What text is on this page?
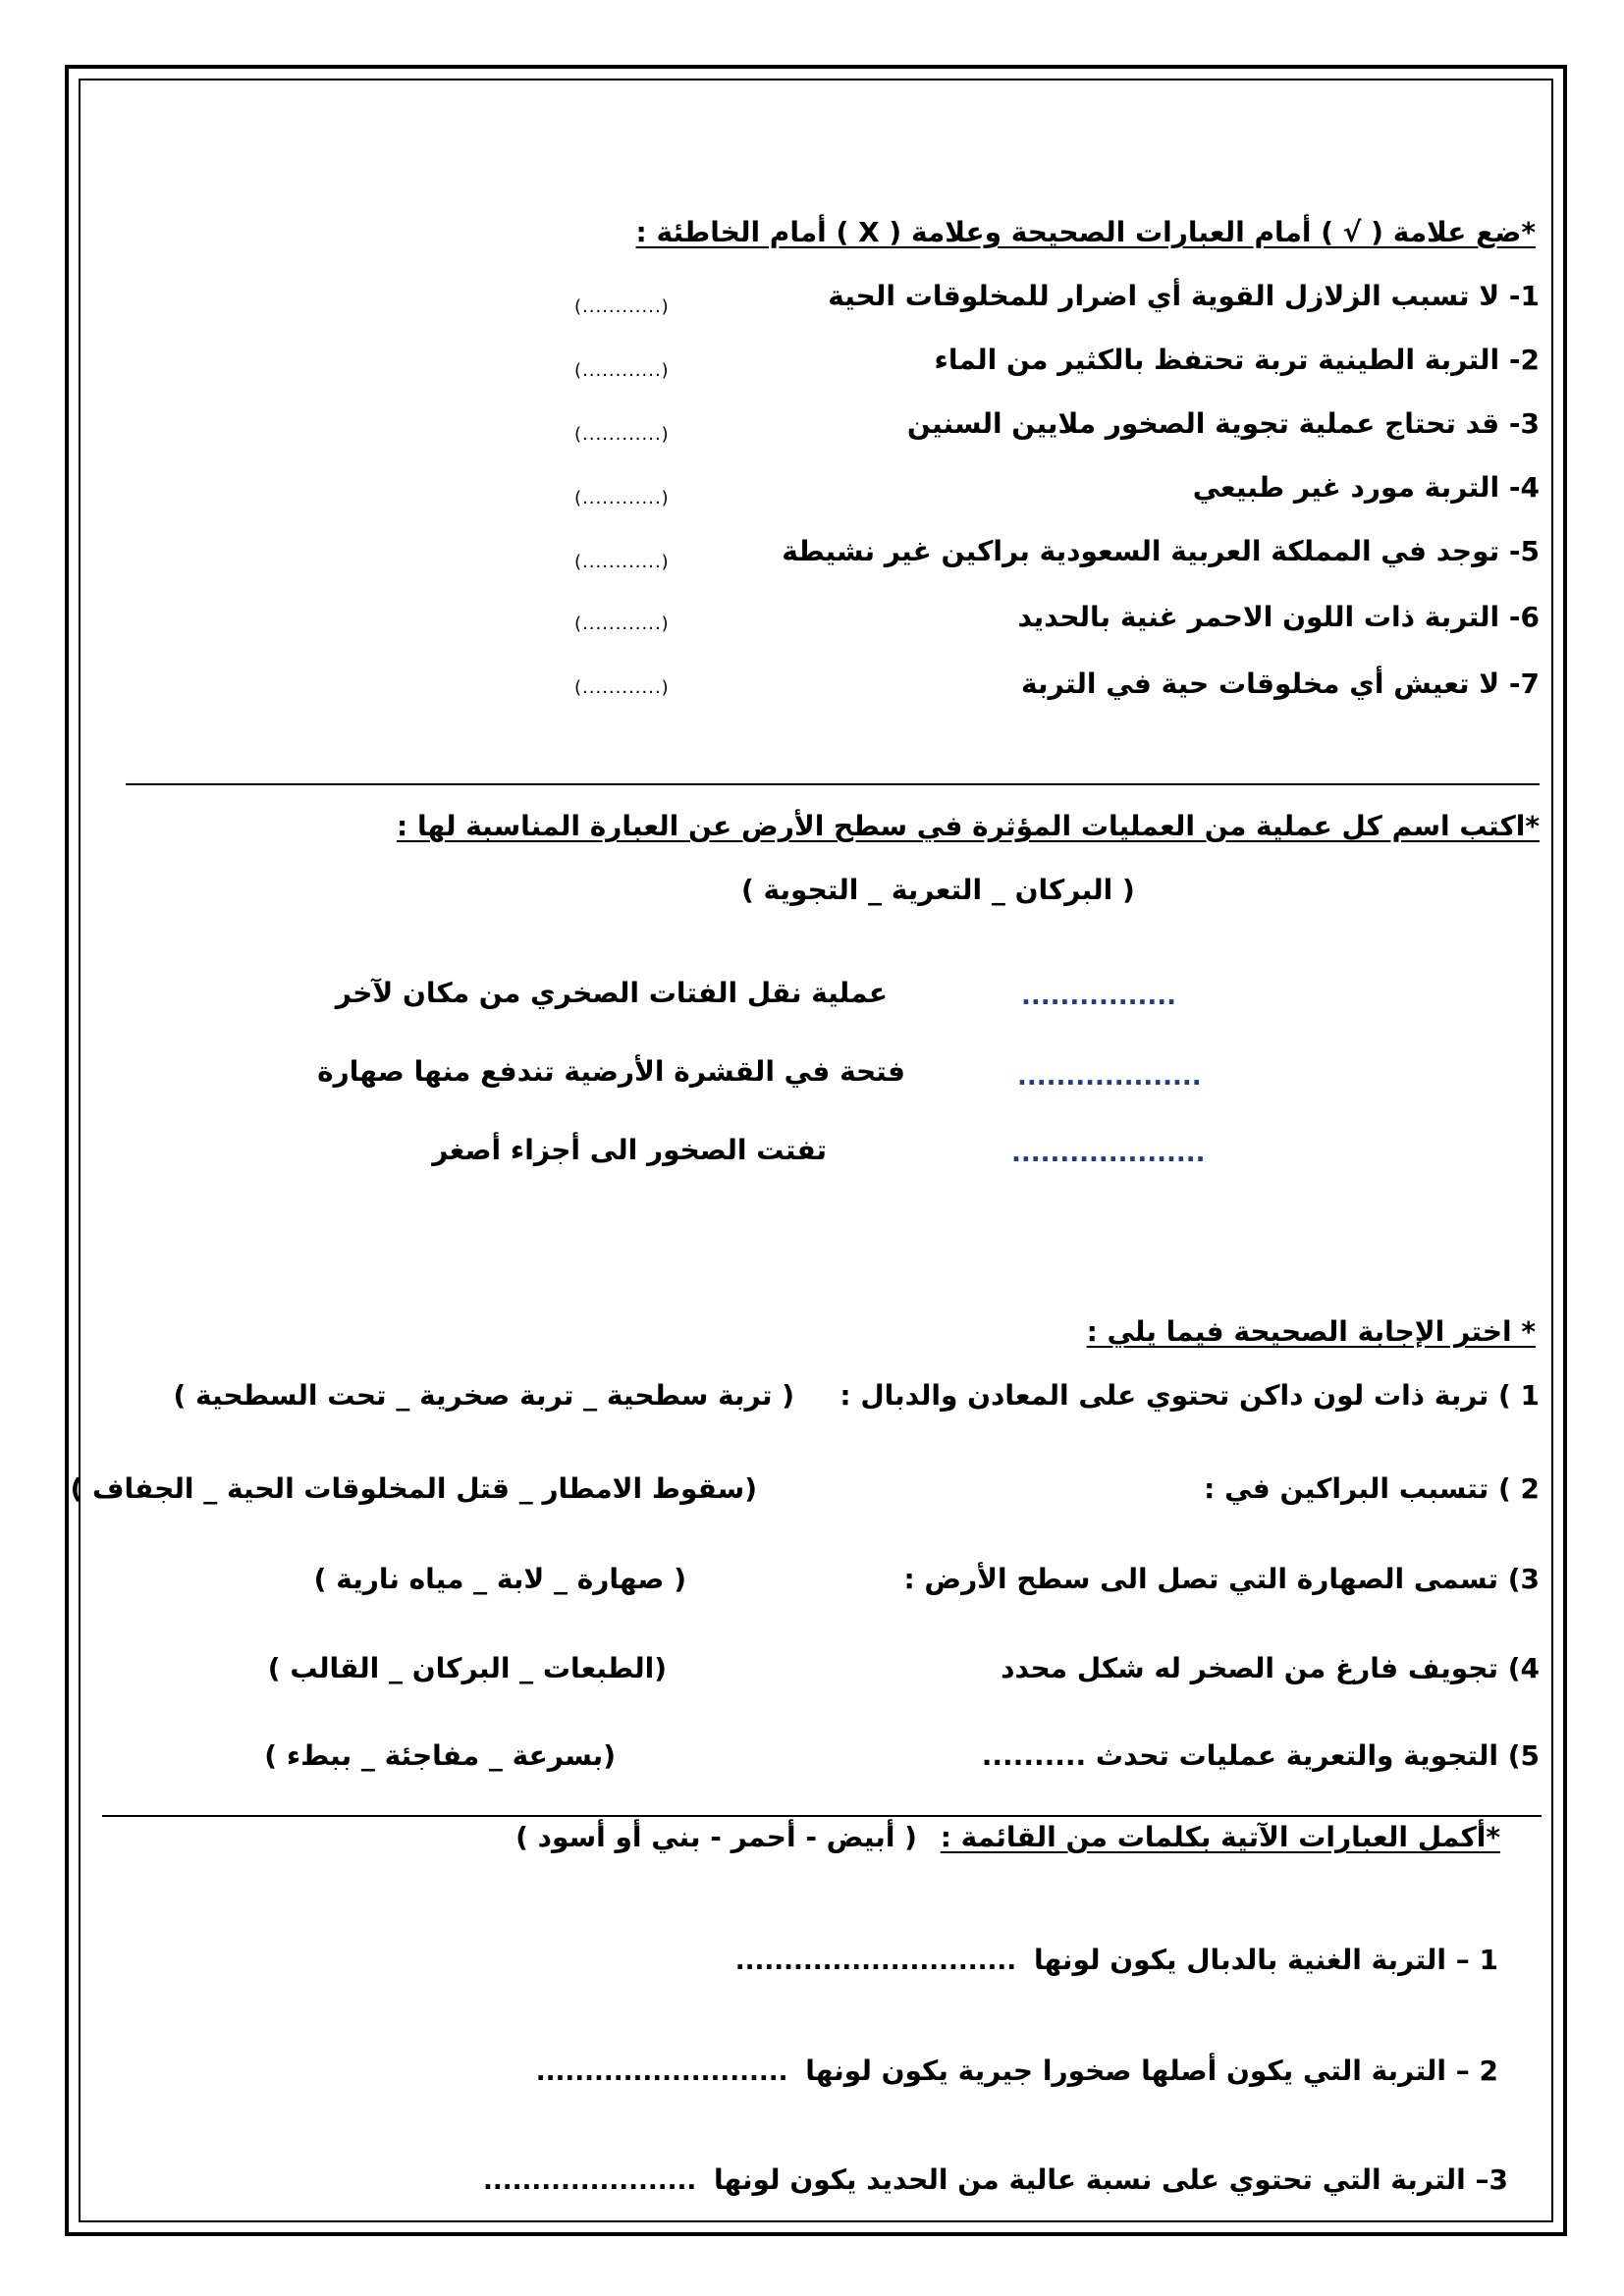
*ضع علامة ( √ ) أمام العبارات الصحيحة وعلامة ( X ) أمام الخاطئة :
1- لا تسبب الزلازل القوية أي اضرار للمخلوقات الحية
(............)
2- التربة الطينية تربة تحتفظ بالكثير من الماء
(............)
3- قد تحتاج عملية تجوية الصخور ملايين السنين
(............)
4- التربة مورد غير طبيعي
(............)
5- توجد في المملكة العربية السعودية براكين غير نشيطة
(............)
6- التربة ذات اللون الاحمر غنية بالحديد
(............)
7- لا تعيش أي مخلوقات حية في التربة
(............)
*اكتب اسم كل عملية من العمليات المؤثرة في سطح الأرض عن العبارة المناسبة لها :
( البركان _ التعرية _ التجوية )
عملية نقل الفتات الصخري من مكان لآخر	................
فتحة في القشرة الأرضية تندفع منها صهارة	...................
تفتت الصخور الى أجزاء أصغر	....................
* اختر الإجابة الصحيحة فيما يلي :
1 ) تربة ذات لون داكن تحتوي على المعادن والدبال :
( تربة سطحية _ تربة صخرية _ تحت السطحية )
2 ) تتسبب البراكين في :
(سقوط الامطار _ قتل المخلوقات الحية _ الجفاف )
3) تسمى الصهارة التي تصل الى سطح الأرض :
( صهارة _ لابة _ مياه نارية )
4) تجويف فارغ من الصخر له شكل محدد
(الطبعات _ البركان _ القالب )
5) التجوية والتعرية عمليات تحدث ..........
(بسرعة _ مفاجئة _ ببطء )
*أكمل العبارات الآتية بكلمات من القائمة : ( أبيض - أحمر - بني أو أسود )
1 – التربة الغنية بالدبال يكون لونها .............................
2 – التربة التي يكون أصلها صخورا جيرية يكون لونها ..........................
3– التربة التي تحتوي على نسبة عالية من الحديد يكون لونها ......................
